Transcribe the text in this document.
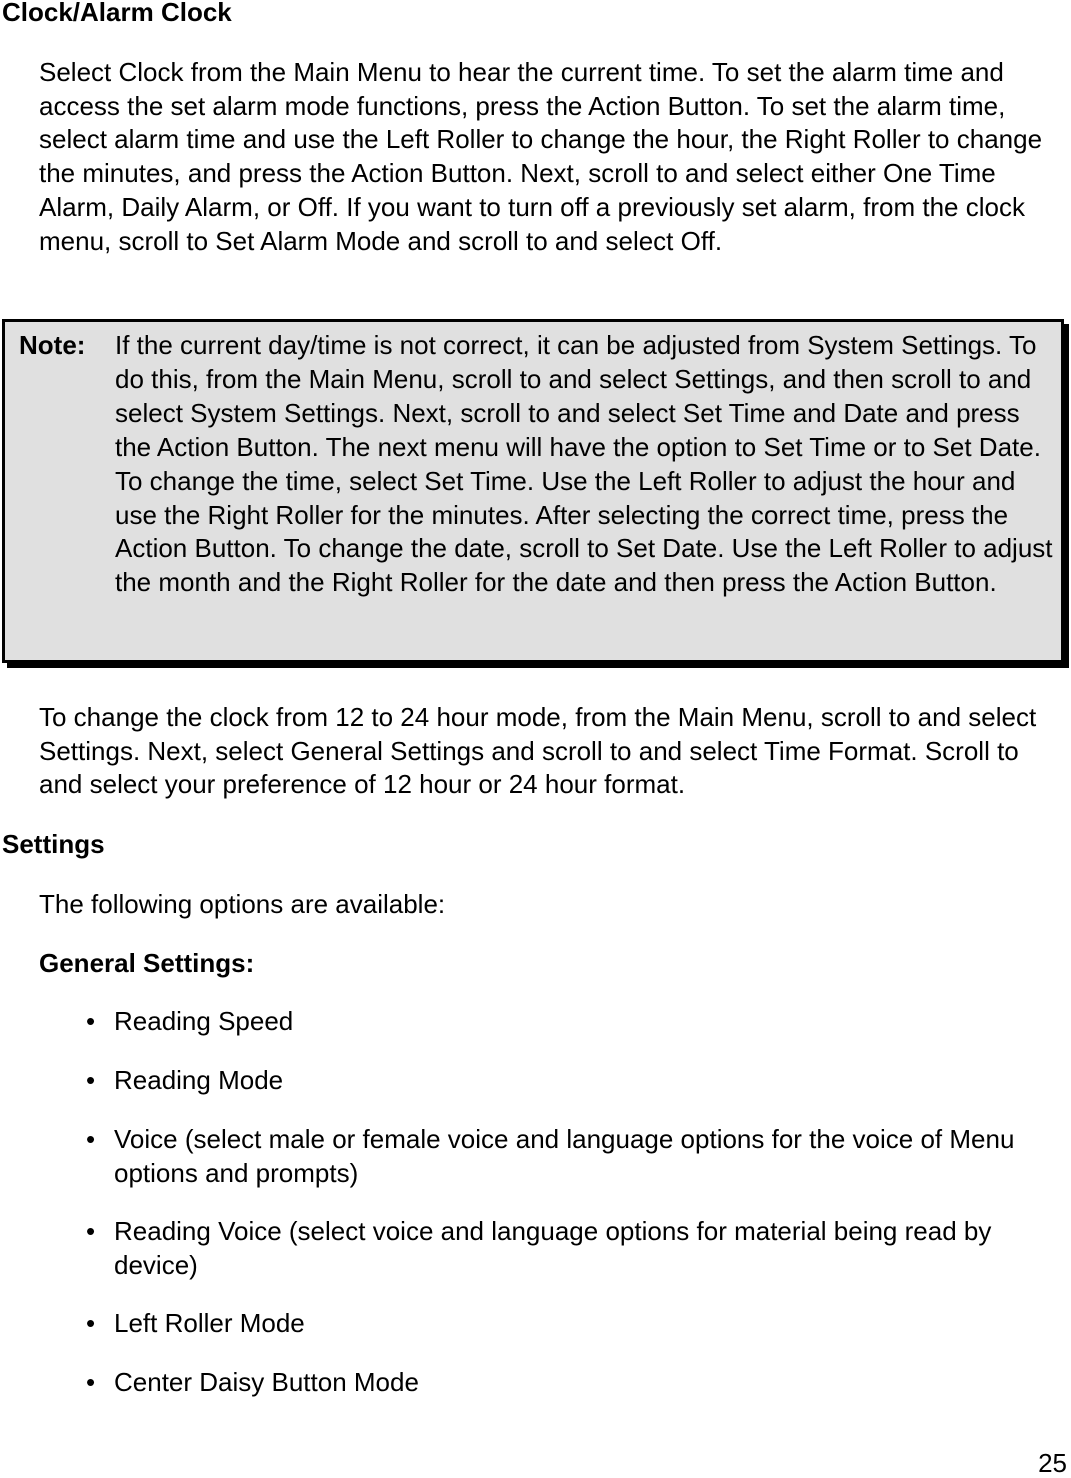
Clock/Alarm Clock

Select Clock from the Main Menu to hear the current time. To set the alarm time and access the set alarm mode functions, press the Action Button. To set the alarm time, select alarm time and use the Left Roller to change the hour, the Right Roller to change the minutes, and press the Action Button. Next, scroll to and select either One Time Alarm, Daily Alarm, or Off. If you want to turn off a previously set alarm, from the clock menu, scroll to Set Alarm Mode and scroll to and select Off.

Note: If the current day/time is not correct, it can be adjusted from System Settings. To do this, from the Main Menu, scroll to and select Settings, and then scroll to and select System Settings. Next, scroll to and select Set Time and Date and press the Action Button. The next menu will have the option to Set Time or to Set Date. To change the time, select Set Time. Use the Left Roller to adjust the hour and use the Right Roller for the minutes. After selecting the correct time, press the Action Button. To change the date, scroll to Set Date. Use the Left Roller to adjust the month and the Right Roller for the date and then press the Action Button.

To change the clock from 12 to 24 hour mode, from the Main Menu, scroll to and select Settings. Next, select General Settings and scroll to and select Time Format. Scroll to and select your preference of 12 hour or 24 hour format.

Settings

The following options are available:

General Settings:
• Reading Speed
• Reading Mode
• Voice (select male or female voice and language options for the voice of Menu options and prompts)
• Reading Voice (select voice and language options for material being read by device)
• Left Roller Mode
• Center Daisy Button Mode
25
